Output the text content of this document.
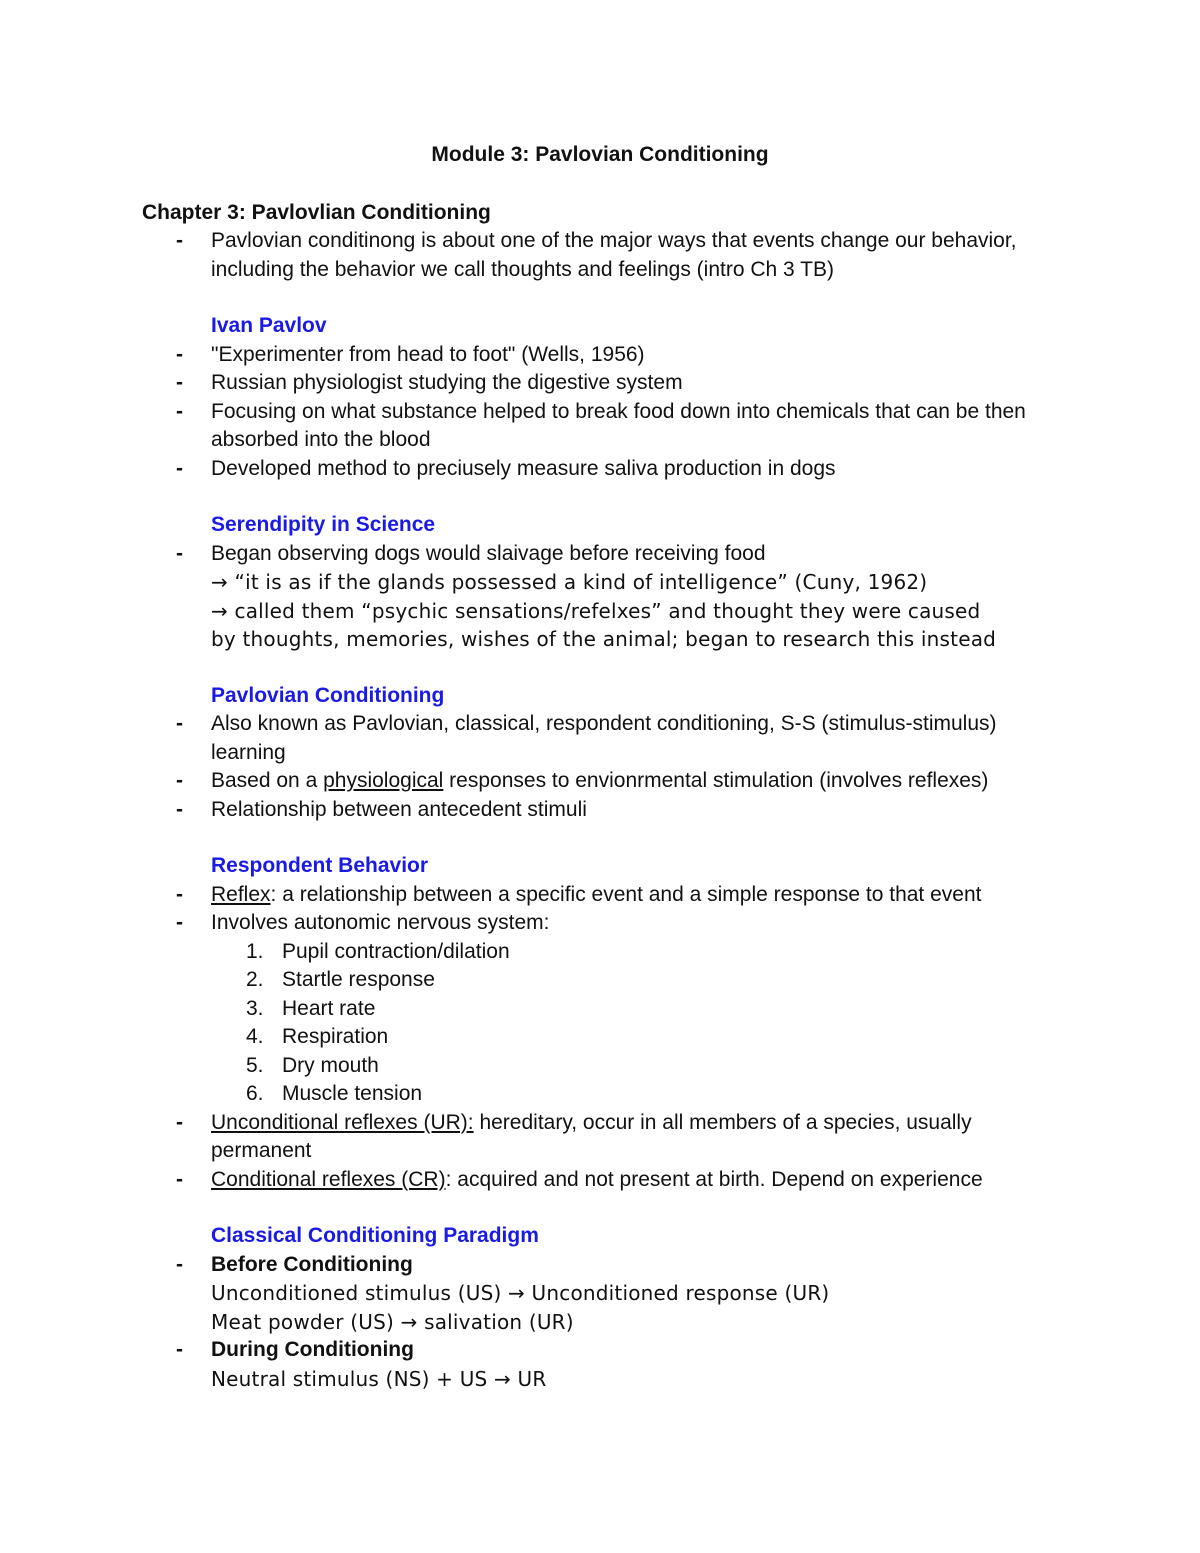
Module 3: Pavlovian Conditioning
Chapter 3: Pavlovlian Conditioning
- Pavlovian conditinong is about one of the major ways that events change our behavior,
including the behavior we call thoughts and feelings (intro Ch 3 TB)
Ivan Pavlov
- "Experimenter from head to foot" (Wells, 1956)
- Russian physiologist studying the digestive system
- Focusing on what substance helped to break food down into chemicals that can be then
absorbed into the blood
- Developed method to preciusely measure saliva production in dogs
Serendipity in Science
- Began observing dogs would slaivage before receiving food
→ “it is as if the glands possessed a kind of intelligence” (Cuny, 1962)
→ called them “psychic sensations/refelxes” and thought they were caused
by thoughts, memories, wishes of the animal; began to research this instead
Pavlovian Conditioning
- Also known as Pavlovian, classical, respondent conditioning, S-S (stimulus-stimulus)
learning
- Based on a physiological responses to envionrmental stimulation (involves reflexes)
- Relationship between antecedent stimuli
Respondent Behavior
- Reflex: a relationship between a specific event and a simple response to that event
- Involves autonomic nervous system:
1. Pupil contraction/dilation
2. Startle response
3. Heart rate
4. Respiration
5. Dry mouth
6. Muscle tension
- Unconditional reflexes (UR): hereditary, occur in all members of a species, usually
permanent
- Conditional reflexes (CR): acquired and not present at birth. Depend on experience
Classical Conditioning Paradigm
- Before Conditioning
Unconditioned stimulus (US) → Unconditioned response (UR)
Meat powder (US) → salivation (UR)
- During Conditioning
Neutral stimulus (NS) + US → UR
